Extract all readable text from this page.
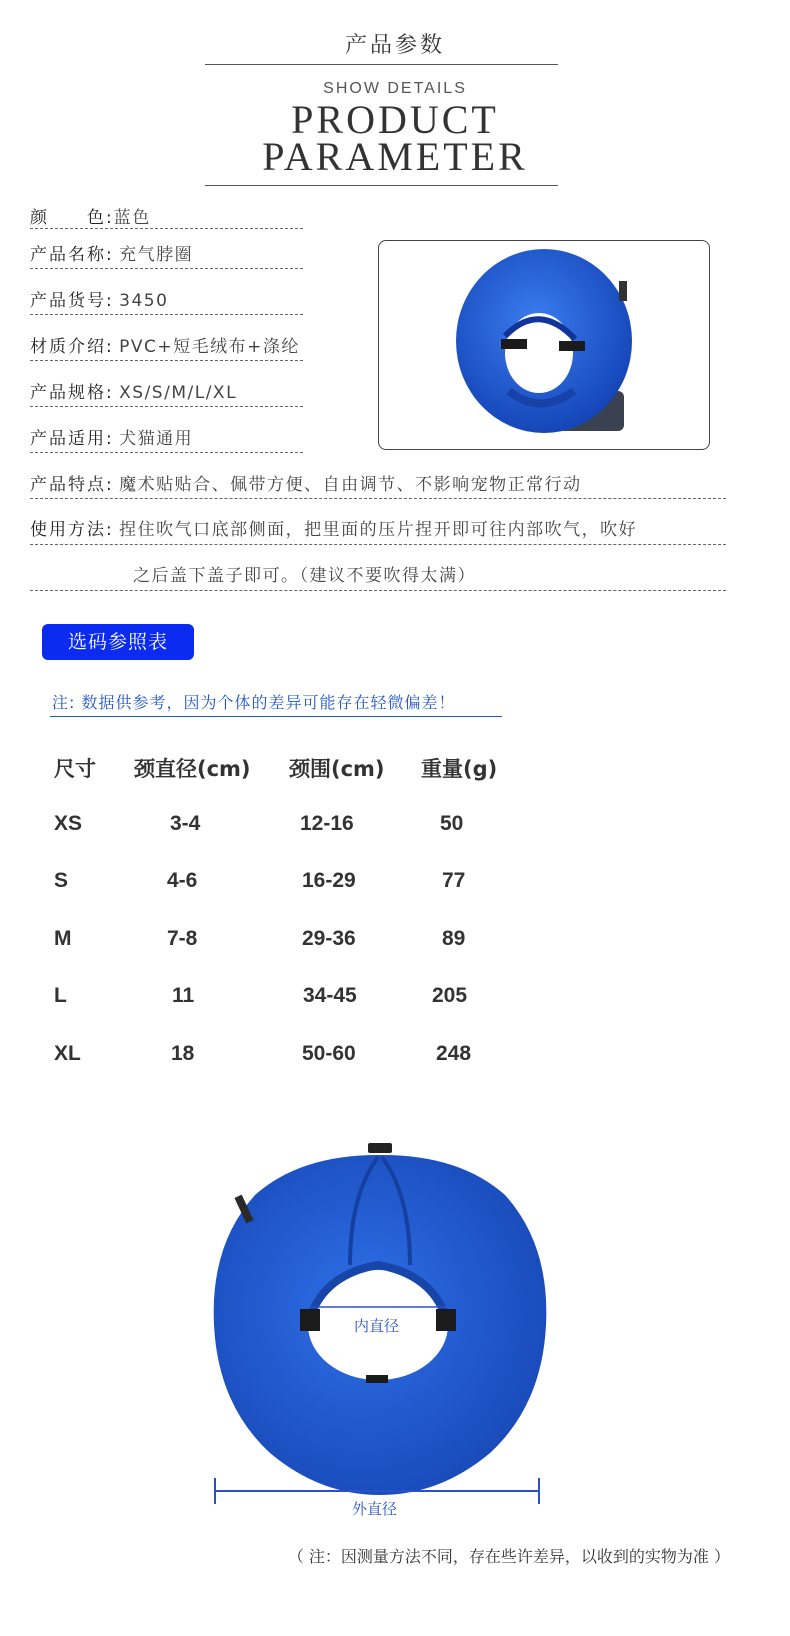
产品参数
SHOW DETAILS
PRODUCT
PARAMETER
颜　　色:蓝色
产品名称: 充气脖圈
产品货号: 3450
材质介绍: PVC+短毛绒布+涤纶
产品规格: XS/S/M/L/XL
产品适用: 犬猫通用
产品特点: 魔术贴贴合、佩带方便、自由调节、不影响宠物正常行动
使用方法: 捏住吹气口底部侧面，把里面的压片捏开即可往内部吹气，吹好
之后盖下盖子即可。（建议不要吹得太满）
选码参照表
注: 数据供参考，因为个体的差异可能存在轻微偏差！
尺寸 颈直径(cm) 颈围(cm) 重量(g)
XS	3-4	12-16	50
S	4-6	16-29	77
M	7-8	29-36	89
L	11	34-45	205
XL	18	50-60	248
内直径
外直径
（ 注：因测量方法不同，存在些许差异，以收到的实物为准 ）
